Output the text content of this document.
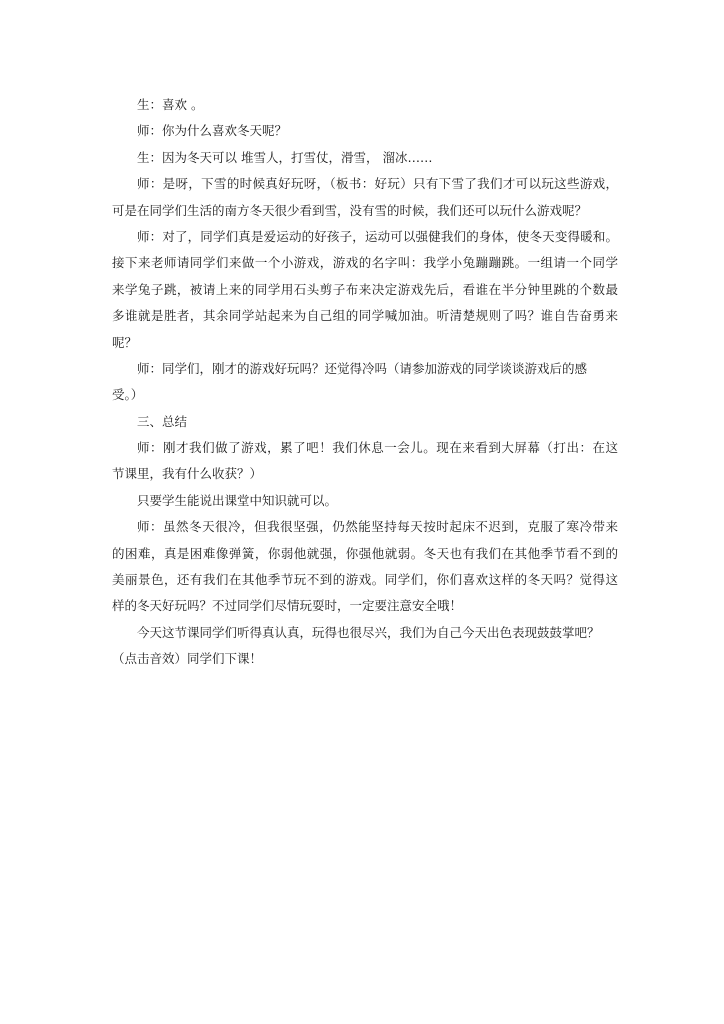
生：喜欢 。
师：你为什么喜欢冬天呢？
生：因为冬天可以 堆雪人，打雪仗，滑雪， 溜冰……
师：是呀，下雪的时候真好玩呀，（板书：好玩）只有下雪了我们才可以玩这些游戏，
可是在同学们生活的南方冬天很少看到雪，没有雪的时候，我们还可以玩什么游戏呢？
师：对了，同学们真是爱运动的好孩子，运动可以强健我们的身体，使冬天变得暖和。
接下来老师请同学们来做一个小游戏，游戏的名字叫：我学小兔蹦蹦跳。一组请一个同学
来学兔子跳，被请上来的同学用石头剪子布来决定游戏先后，看谁在半分钟里跳的个数最
多谁就是胜者，其余同学站起来为自己组的同学喊加油。听清楚规则了吗？谁自告奋勇来
呢？
师：同学们，刚才的游戏好玩吗？还觉得冷吗（请参加游戏的同学谈谈游戏后的感
受。）
三、总结
师：刚才我们做了游戏，累了吧！我们休息一会儿。现在来看到大屏幕（打出：在这
节课里，我有什么收获？）
只要学生能说出课堂中知识就可以。
师：虽然冬天很冷，但我很坚强，仍然能坚持每天按时起床不迟到，克服了寒冷带来
的困难，真是困难像弹簧，你弱他就强，你强他就弱。冬天也有我们在其他季节看不到的
美丽景色，还有我们在其他季节玩不到的游戏。同学们，你们喜欢这样的冬天吗？觉得这
样的冬天好玩吗？不过同学们尽情玩耍时，一定要注意安全哦！
今天这节课同学们听得真认真，玩得也很尽兴，我们为自己今天出色表现鼓鼓掌吧？
（点击音效）同学们下课！
